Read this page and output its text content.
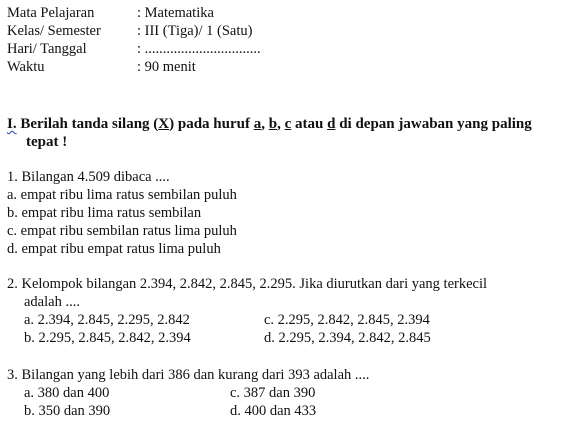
Mata Pelajaran	: Matematika
Kelas/ Semester : III (Tiga)/ 1 (Satu)
Hari/ Tanggal	: ................................
Waktu	: 90 menit
I. Berilah tanda silang (X) pada huruf a, b, c atau d di depan jawaban yang paling
tepat !
1. Bilangan 4.509 dibaca ....
a. empat ribu lima ratus sembilan puluh
b. empat ribu lima ratus sembilan
c. empat ribu sembilan ratus lima puluh
d. empat ribu empat ratus lima puluh
2. Kelompok bilangan 2.394, 2.842, 2.845, 2.295. Jika diurutkan dari yang terkecil
adalah ....
a. 2.394, 2.845, 2.295, 2.842	c. 2.295, 2.842, 2.845, 2.394
b. 2.295, 2.845, 2.842, 2.394	d. 2.295, 2.394, 2.842, 2.845
3. Bilangan yang lebih dari 386 dan kurang dari 393 adalah ....
a. 380 dan 400	c. 387 dan 390
b. 350 dan 390	d. 400 dan 433
